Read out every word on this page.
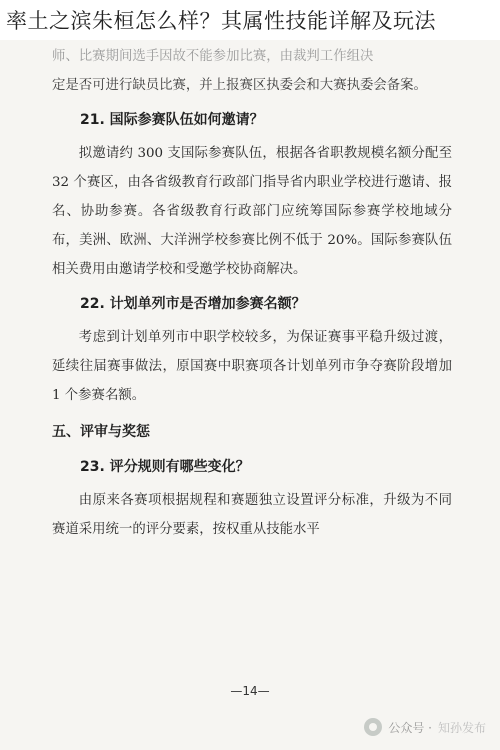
率土之滨朱桓怎么样？其属性技能详解及玩法

师、比赛期间选手因故不能参加比赛，由裁判工作组决

定是否可进行缺员比赛，并上报赛区执委会和大赛执委会备案。

21. 国际参赛队伍如何邀请？

拟邀请约 300 支国际参赛队伍，根据各省职教规模名额分配至 32 个赛区，由各省级教育行政部门指导省内职业学校进行邀请、报名、协助参赛。各省级教育行政部门应统筹国际参赛学校地域分布，美洲、欧洲、大洋洲学校参赛比例不低于 20%。国际参赛队伍相关费用由邀请学校和受邀学校协商解决。

22. 计划单列市是否增加参赛名额？

考虑到计划单列市中职学校较多，为保证赛事平稳升级过渡，延续往届赛事做法，原国赛中职赛项各计划单列市争夺赛阶段增加 1 个参赛名额。

五、评审与奖惩

23. 评分规则有哪些变化？

由原来各赛项根据规程和赛题独立设置评分标准，升级为不同赛道采用统一的评分要素，按权重从技能水平

—14—
公众号 · 知孙发布
